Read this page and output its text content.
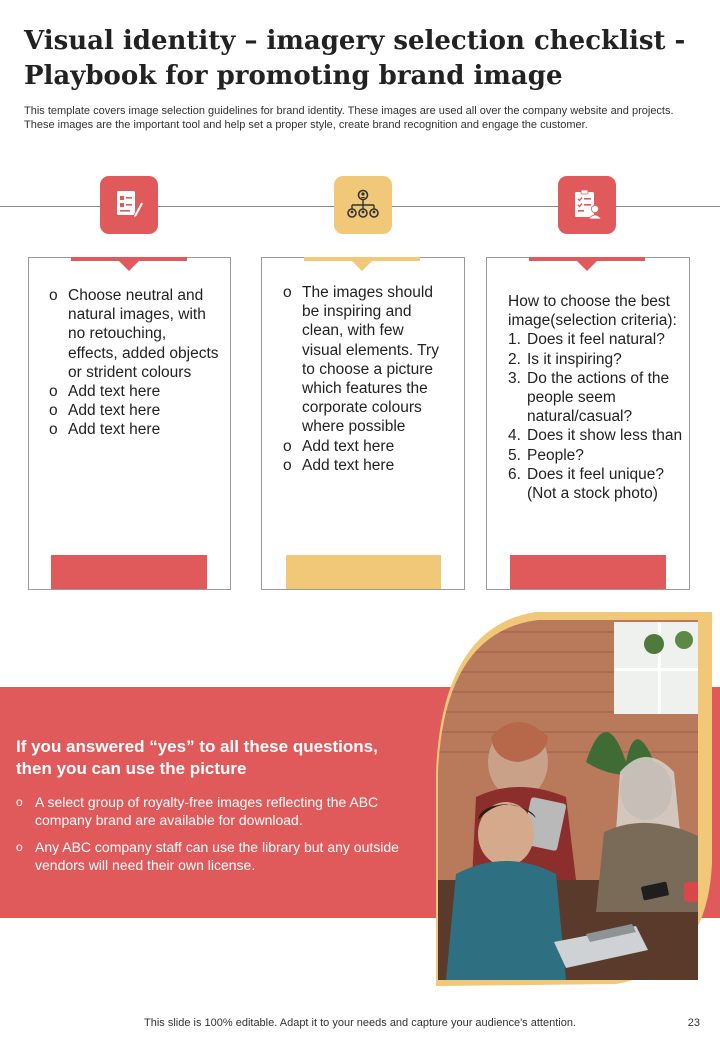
Visual identity – imagery selection checklist - Playbook for promoting brand image
This template covers image selection guidelines for brand identity. These images are used all over the company website and projects. These images are the important tool and help set a proper style, create brand recognition and engage the customer.
o Choose neutral and natural images, with no retouching, effects, added objects or strident colours
o Add text here
o Add text here
o Add text here
o The images should be inspiring and clean, with few visual elements. Try to choose a picture which features the corporate colours where possible
o Add text here
o Add text here
How to choose the best image(selection criteria):
1. Does it feel natural?
2. Is it inspiring?
3. Do the actions of the people seem natural/casual?
4. Does it show less than
5. People?
6. Does it feel unique? (Not a stock photo)
If you answered “yes” to all these questions, then you can use the picture
o A select group of royalty-free images reflecting the ABC company brand are available for download.
o Any ABC company staff can use the library but any outside vendors will need their own license.
This slide is 100% editable. Adapt it to your needs and capture your audience's attention.	23
